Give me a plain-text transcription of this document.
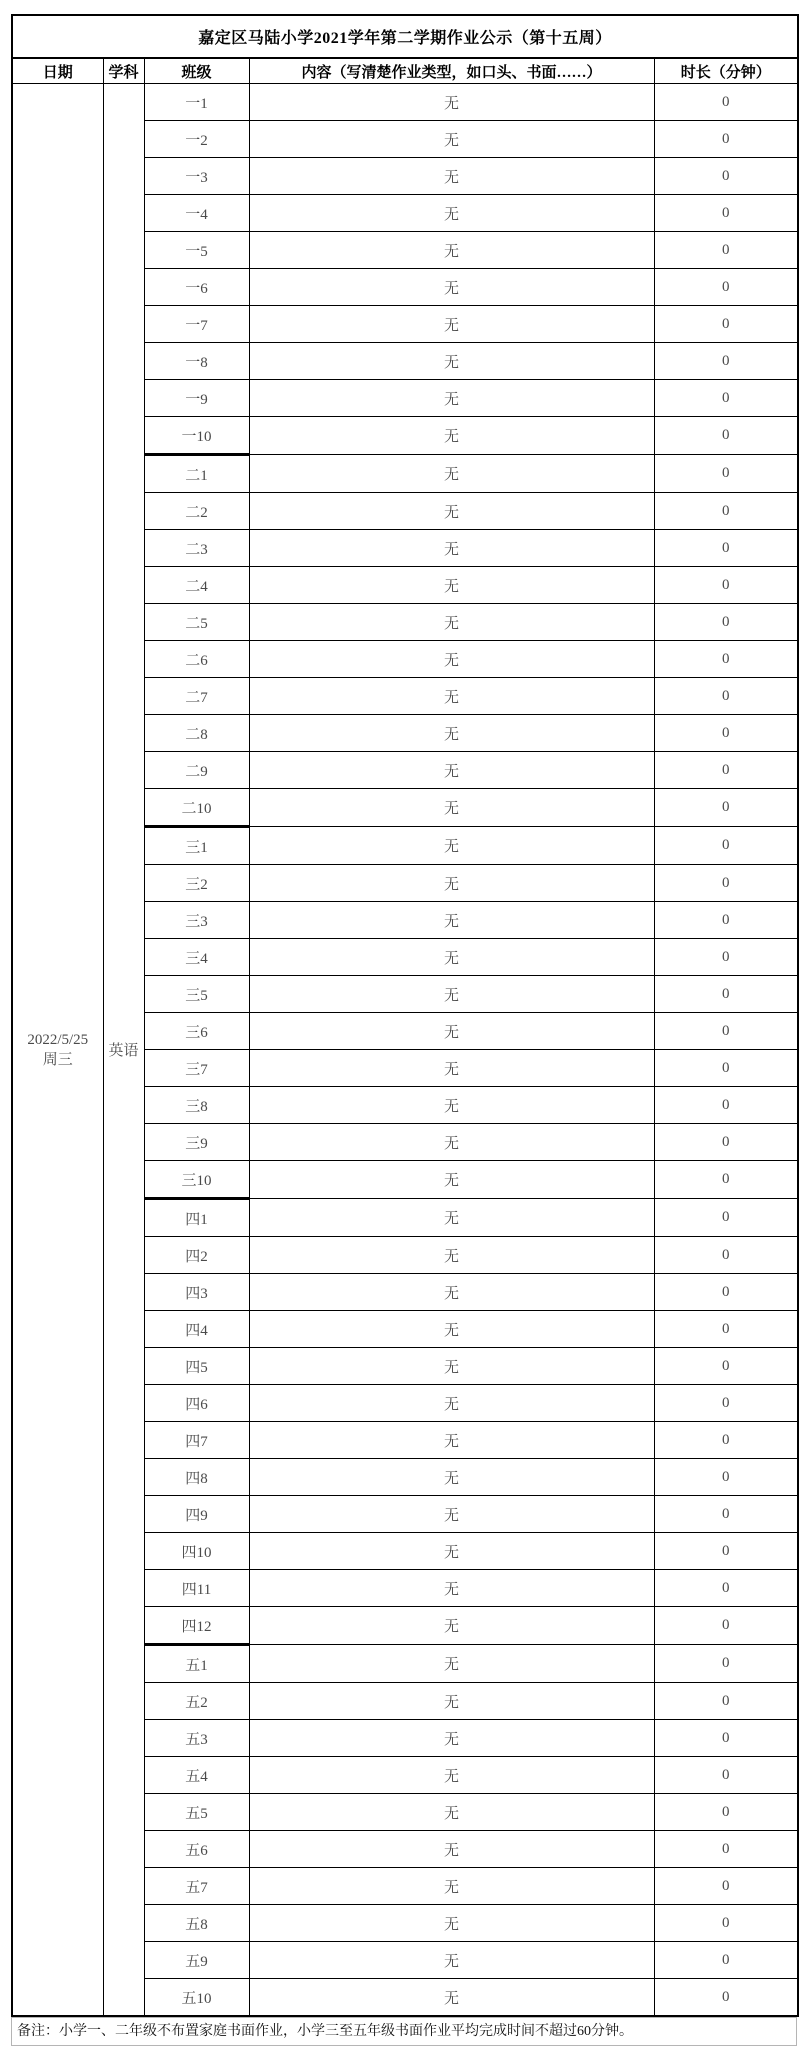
嘉定区马陆小学2021学年第二学期作业公示（第十五周）				
日期	学科	班级	内容（写清楚作业类型，如口头、书面……）	时长（分钟）

2022/5/25
周三	英语	一1	无	0
		一2	无	0
		一3	无	0
		一4	无	0
		一5	无	0
		一6	无	0
		一7	无	0
		一8	无	0
		一9	无	0
		一10	无	0
		二1	无	0
		二2	无	0
		二3	无	0
		二4	无	0
		二5	无	0
		二6	无	0
		二7	无	0
		二8	无	0
		二9	无	0
		二10	无	0
		三1	无	0
		三2	无	0
		三3	无	0
		三4	无	0
		三5	无	0
		三6	无	0
		三7	无	0
		三8	无	0
		三9	无	0
		三10	无	0
		四1	无	0
		四2	无	0
		四3	无	0
		四4	无	0
		四5	无	0
		四6	无	0
		四7	无	0
		四8	无	0
		四9	无	0
		四10	无	0
		四11	无	0
		四12	无	0
		五1	无	0
		五2	无	0
		五3	无	0
		五4	无	0
		五5	无	0
		五6	无	0
		五7	无	0
		五8	无	0
		五9	无	0
		五10	无	0
备注：小学一、二年级不布置家庭书面作业，小学三至五年级书面作业平均完成时间不超过60分钟。
